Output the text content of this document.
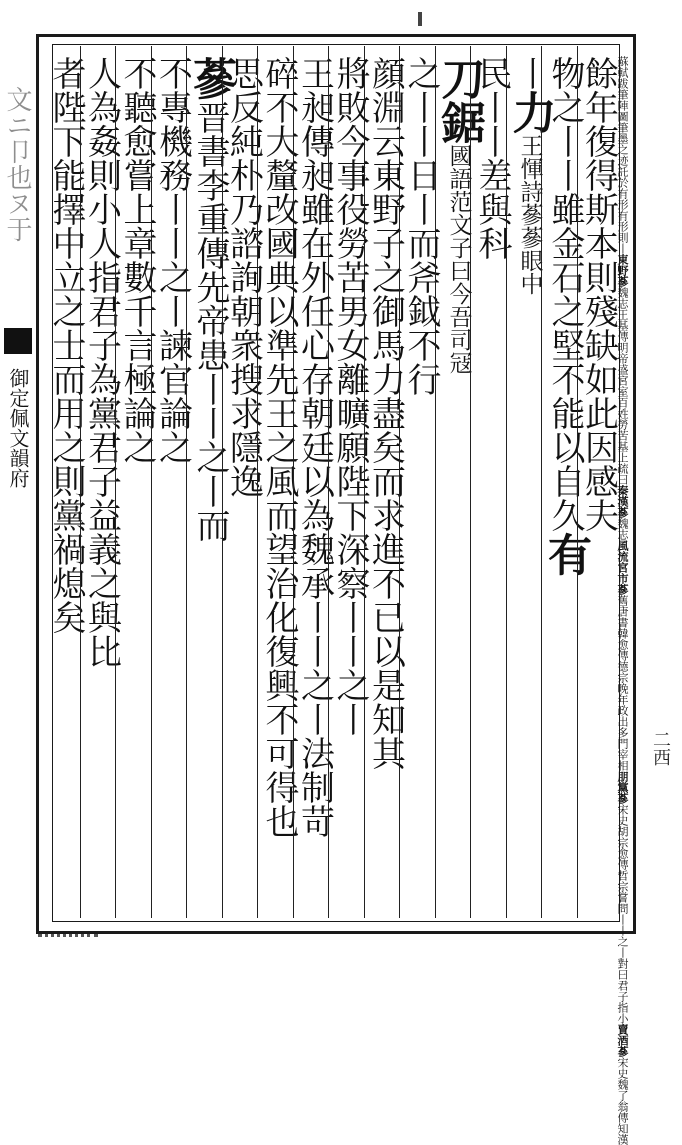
文ニ卩也ヌ于
御定佩文韻府	餘年復得斯本則殘缺如此因感夫
物之丨丨雖金石之堅不能以自久有
丨力王惲詩蔘蔘眼中
民丨丨差與科
刀鋸國語范文子曰今吾司冦
之丨丨日丨而斧鉞不行
顔淵云東野子之御馬力盡矣而求進不已以是知其
將敗今事役勞苦男女離曠願陛下深察丨丨之丨
王昶傳昶雖在外任心存朝廷以為魏承丨丨之丨法制苛
碎不大釐改國典以準先王之風而望治化復興不可得也
思反純朴乃諮詢朝衆搜求隱逸
蔘晋書李重傳先帝患丨丨之丨而
不專機務丨丨之丨諫官論之
不聽愈嘗上章數千言極論之
人為姦則小人指君子為黨君子益義之與比
者陛下能擇中立之士而用之則黨禍熄矣	蘇軾跋筆陣圖筆墨之迹託於有形有形則丨東野蔘魏志王基傳明帝盛宮室百姓勞苦基上疏曰秦漢蔘魏志風流宮市蔘舊唐書韓愈傳德宗晚年政出多門宰相朋黨蔘宋史胡宗愈傳哲宗嘗問丨丨之丨對曰君子指小賣酒蔘宋史魏了翁傳知漢
二西
